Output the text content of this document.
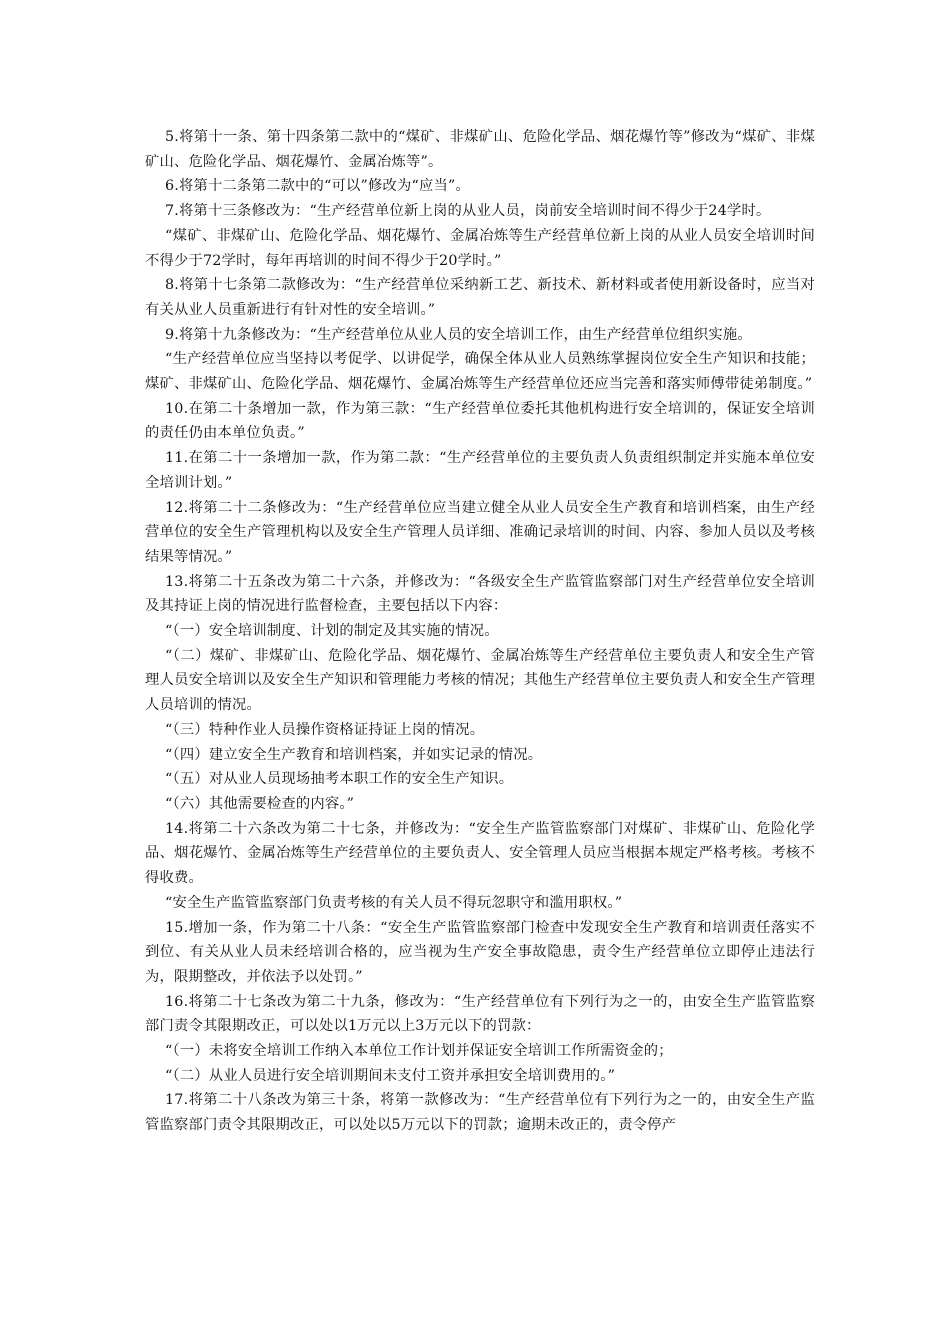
5.将第十一条、第十四条第二款中的“煤矿、非煤矿山、危险化学品、烟花爆竹等”修改为“煤矿、非煤矿山、危险化学品、烟花爆竹、金属冶炼等”。

6.将第十二条第二款中的“可以”修改为“应当”。

7.将第十三条修改为：“生产经营单位新上岗的从业人员，岗前安全培训时间不得少于24学时。

“煤矿、非煤矿山、危险化学品、烟花爆竹、金属冶炼等生产经营单位新上岗的从业人员安全培训时间不得少于72学时，每年再培训的时间不得少于20学时。”

8.将第十七条第二款修改为：“生产经营单位采纳新工艺、新技术、新材料或者使用新设备时，应当对有关从业人员重新进行有针对性的安全培训。”

9.将第十九条修改为：“生产经营单位从业人员的安全培训工作，由生产经营单位组织实施。

“生产经营单位应当坚持以考促学、以讲促学，确保全体从业人员熟练掌握岗位安全生产知识和技能；煤矿、非煤矿山、危险化学品、烟花爆竹、金属冶炼等生产经营单位还应当完善和落实师傅带徒弟制度。”

10.在第二十条增加一款，作为第三款：“生产经营单位委托其他机构进行安全培训的，保证安全培训的责任仍由本单位负责。”

11.在第二十一条增加一款，作为第二款：“生产经营单位的主要负责人负责组织制定并实施本单位安全培训计划。”

12.将第二十二条修改为：“生产经营单位应当建立健全从业人员安全生产教育和培训档案，由生产经营单位的安全生产管理机构以及安全生产管理人员详细、准确记录培训的时间、内容、参加人员以及考核结果等情况。”

13.将第二十五条改为第二十六条，并修改为：“各级安全生产监管监察部门对生产经营单位安全培训及其持证上岗的情况进行监督检查，主要包括以下内容：

“（一）安全培训制度、计划的制定及其实施的情况。

“（二）煤矿、非煤矿山、危险化学品、烟花爆竹、金属冶炼等生产经营单位主要负责人和安全生产管理人员安全培训以及安全生产知识和管理能力考核的情况；其他生产经营单位主要负责人和安全生产管理人员培训的情况。

“（三）特种作业人员操作资格证持证上岗的情况。

“（四）建立安全生产教育和培训档案，并如实记录的情况。

“（五）对从业人员现场抽考本职工作的安全生产知识。

“（六）其他需要检查的内容。”

14.将第二十六条改为第二十七条，并修改为：“安全生产监管监察部门对煤矿、非煤矿山、危险化学品、烟花爆竹、金属冶炼等生产经营单位的主要负责人、安全管理人员应当根据本规定严格考核。考核不得收费。

“安全生产监管监察部门负责考核的有关人员不得玩忽职守和滥用职权。”

15.增加一条，作为第二十八条：“安全生产监管监察部门检查中发现安全生产教育和培训责任落实不到位、有关从业人员未经培训合格的，应当视为生产安全事故隐患，责令生产经营单位立即停止违法行为，限期整改，并依法予以处罚。”

16.将第二十七条改为第二十九条，修改为：“生产经营单位有下列行为之一的，由安全生产监管监察部门责令其限期改正，可以处以1万元以上3万元以下的罚款：

“（一）未将安全培训工作纳入本单位工作计划并保证安全培训工作所需资金的；

“（二）从业人员进行安全培训期间未支付工资并承担安全培训费用的。”

17.将第二十八条改为第三十条，将第一款修改为：“生产经营单位有下列行为之一的，由安全生产监管监察部门责令其限期改正，可以处以5万元以下的罚款；逾期未改正的，责令停产
